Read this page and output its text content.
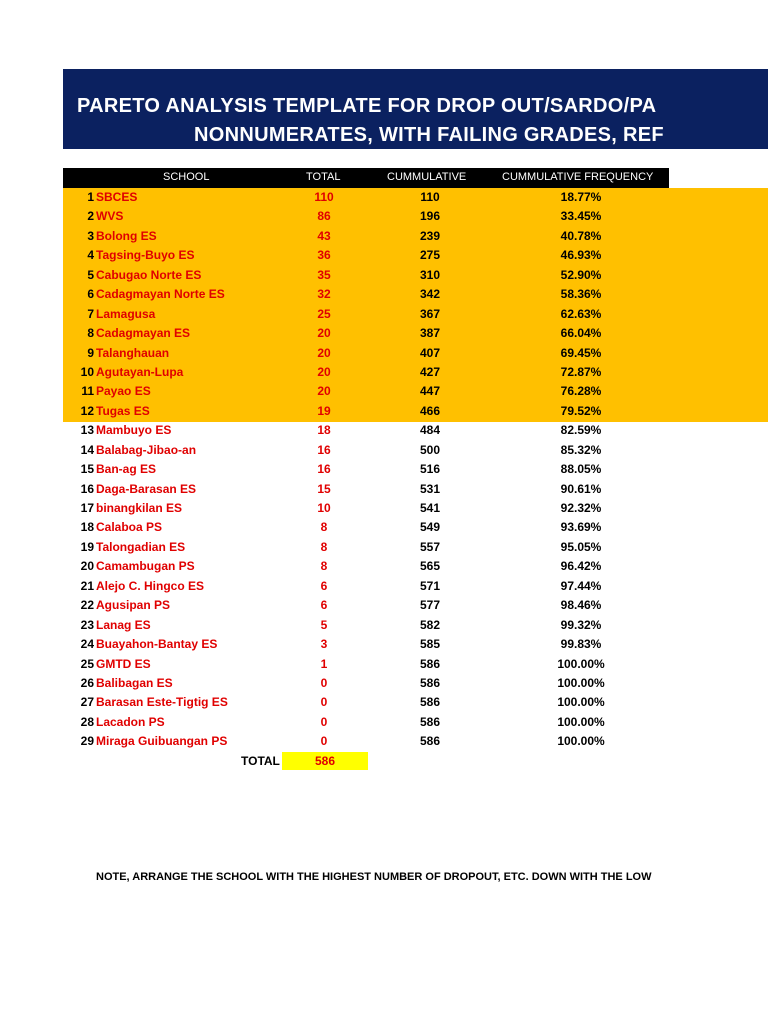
PARETO ANALYSIS TEMPLATE FOR DROP OUT/SARDO/PA
NONNUMERATES, WITH FAILING GRADES, REF
SCHOOL	TOTAL	CUMMULATIVE	CUMMULATIVE FREQUENCY
1 SBCES	110	110	18.77%
2 WVS	86	196	33.45%
3 Bolong ES	43	239	40.78%
4 Tagsing-Buyo ES	36	275	46.93%
5 Cabugao Norte ES	35	310	52.90%
6 Cadagmayan Norte ES	32	342	58.36%
7 Lamagusa	25	367	62.63%
8 Cadagmayan ES	20	387	66.04%
9 Talanghauan	20	407	69.45%
10 Agutayan-Lupa	20	427	72.87%
11 Payao ES	20	447	76.28%
12 Tugas ES	19	466	79.52%
13 Mambuyo ES	18	484	82.59%
14 Balabag-Jibao-an	16	500	85.32%
15 Ban-ag ES	16	516	88.05%
16 Daga-Barasan ES	15	531	90.61%
17 binangkilan ES	10	541	92.32%
18 Calaboa PS	8	549	93.69%
19 Talongadian ES	8	557	95.05%
20 Camambugan PS	8	565	96.42%
21 Alejo C. Hingco ES	6	571	97.44%
22 Agusipan PS	6	577	98.46%
23 Lanag ES	5	582	99.32%
24 Buayahon-Bantay ES	3	585	99.83%
25 GMTD ES	1	586	100.00%
26 Balibagan ES	0	586	100.00%
27 Barasan Este-Tigtig ES	0	586	100.00%
28 Lacadon PS	0	586	100.00%
29 Miraga Guibuangan PS	0	586	100.00%
TOTAL	586
NOTE, ARRANGE THE SCHOOL WITH THE HIGHEST NUMBER OF DROPOUT, ETC. DOWN WITH THE LOW
